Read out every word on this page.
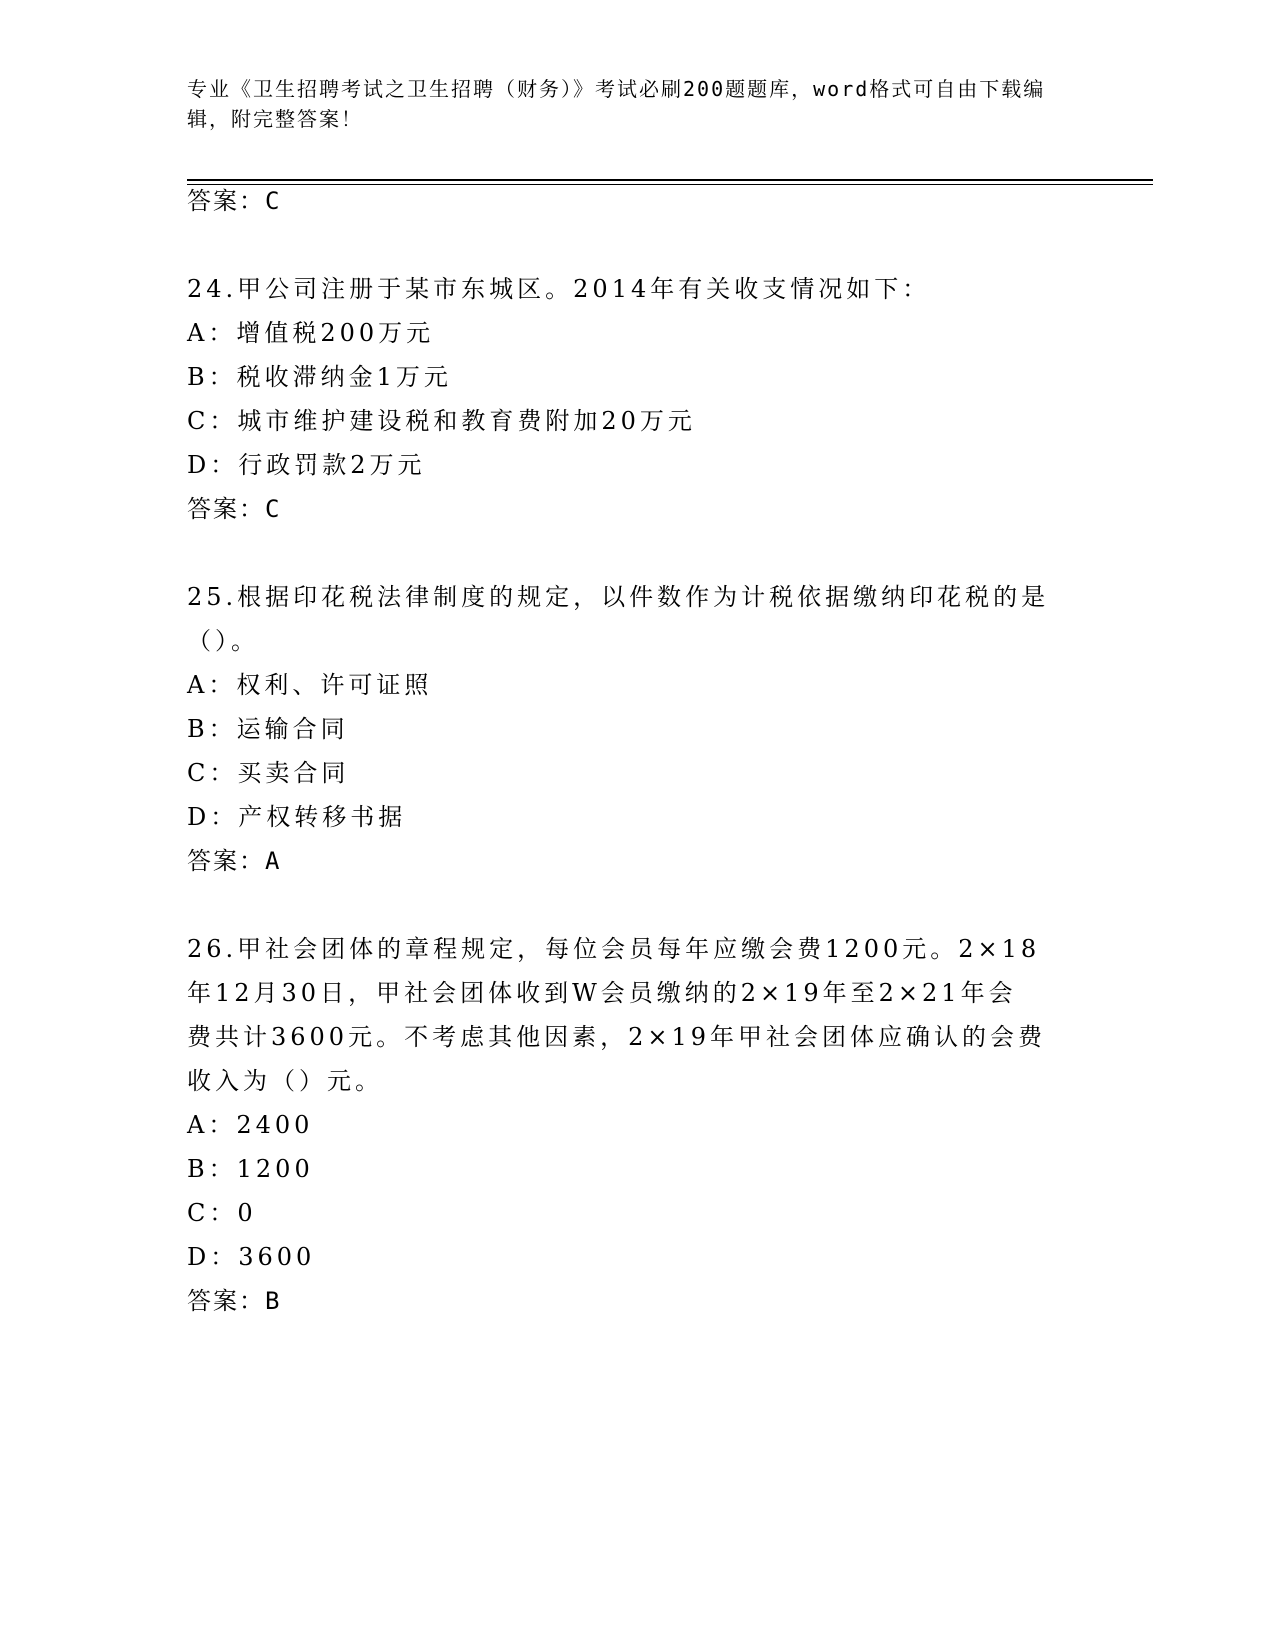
专业《卫生招聘考试之卫生招聘（财务）》考试必刷200题题库，word格式可自由下载编辑，附完整答案！
答案：C
24.甲公司注册于某市东城区。2014年有关收支情况如下：
A：增值税200万元
B：税收滞纳金1万元
C：城市维护建设税和教育费附加20万元
D：行政罚款2万元
答案：C
25.根据印花税法律制度的规定，以件数作为计税依据缴纳印花税的是
（）。
A：权利、许可证照
B：运输合同
C：买卖合同
D：产权转移书据
答案：A
26.甲社会团体的章程规定，每位会员每年应缴会费1200元。2×18
年12月30日，甲社会团体收到W会员缴纳的2×19年至2×21年会
费共计3600元。不考虑其他因素，2×19年甲社会团体应确认的会费
收入为（）元。
A：2400
B：1200
C：0
D：3600
答案：B
